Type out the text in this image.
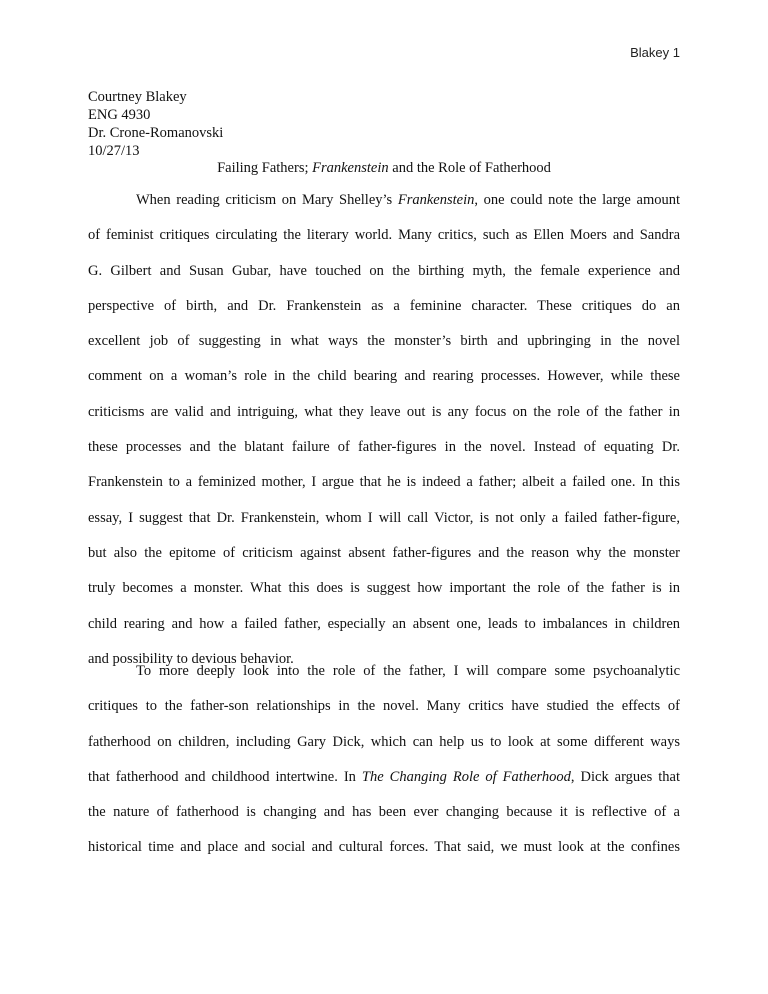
Blakey 1
Courtney Blakey
ENG 4930
Dr. Crone-Romanovski
10/27/13
Failing Fathers; Frankenstein and the Role of Fatherhood
When reading criticism on Mary Shelley’s Frankenstein, one could note the large amount
of feminist critiques circulating the literary world. Many critics, such as Ellen Moers and Sandra
G. Gilbert and Susan Gubar, have touched on the birthing myth, the female experience and
perspective of birth, and Dr. Frankenstein as a feminine character. These critiques do an
excellent job of suggesting in what ways the monster’s birth and upbringing in the novel
comment on a woman’s role in the child bearing and rearing processes. However, while these
criticisms are valid and intriguing, what they leave out is any focus on the role of the father in
these processes and the blatant failure of father-figures in the novel. Instead of equating Dr.
Frankenstein to a feminized mother, I argue that he is indeed a father; albeit a failed one. In this
essay, I suggest that Dr. Frankenstein, whom I will call Victor, is not only a failed father-figure,
but also the epitome of criticism against absent father-figures and the reason why the monster
truly becomes a monster. What this does is suggest how important the role of the father is in
child rearing and how a failed father, especially an absent one, leads to imbalances in children
and possibility to devious behavior.
To more deeply look into the role of the father, I will compare some psychoanalytic
critiques to the father-son relationships in the novel. Many critics have studied the effects of
fatherhood on children, including Gary Dick, which can help us to look at some different ways
that fatherhood and childhood intertwine. In The Changing Role of Fatherhood, Dick argues that
the nature of fatherhood is changing and has been ever changing because it is reflective of a
historical time and place and social and cultural forces. That said, we must look at the confines
